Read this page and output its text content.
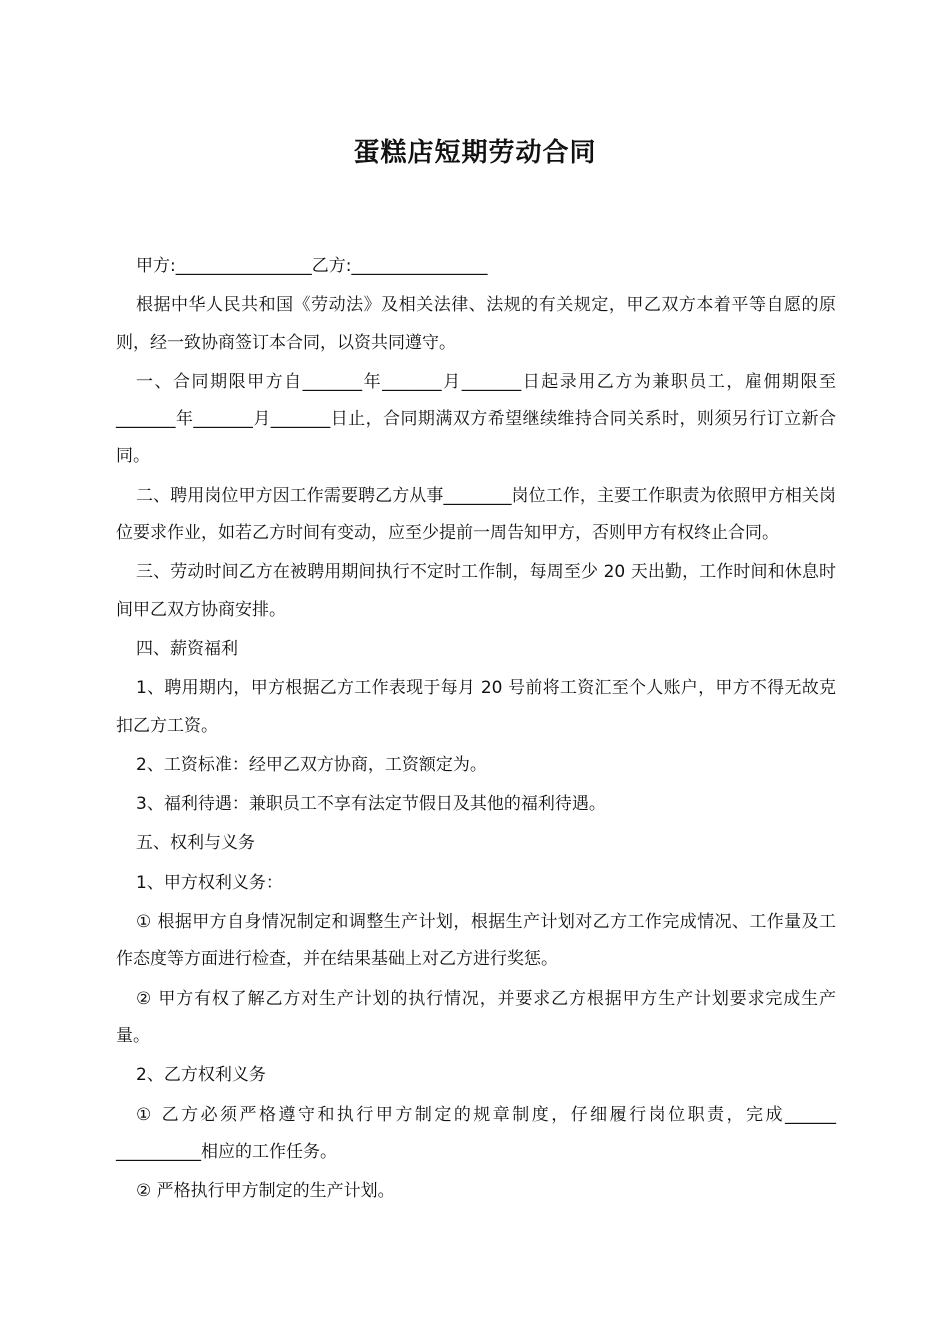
蛋糕店短期劳动合同

甲方:________________乙方:________________

根据中华人民共和国《劳动法》及相关法律、法规的有关规定，甲乙双方本着平等自愿的原则，经一致协商签订本合同，以资共同遵守。

一、合同期限甲方自_______年_______月_______日起录用乙方为兼职员工，雇佣期限至_______年_______月_______日止，合同期满双方希望继续维持合同关系时，则须另行订立新合同。

二、聘用岗位甲方因工作需要聘乙方从事________岗位工作，主要工作职责为依照甲方相关岗位要求作业，如若乙方时间有变动，应至少提前一周告知甲方，否则甲方有权终止合同。

三、劳动时间乙方在被聘用期间执行不定时工作制，每周至少 20 天出勤，工作时间和休息时间甲乙双方协商安排。

四、薪资福利

1、聘用期内，甲方根据乙方工作表现于每月 20 号前将工资汇至个人账户，甲方不得无故克扣乙方工资。

2、工资标准：经甲乙双方协商，工资额定为。

3、福利待遇：兼职员工不享有法定节假日及其他的福利待遇。

五、权利与义务

1、甲方权利义务：

① 根据甲方自身情况制定和调整生产计划，根据生产计划对乙方工作完成情况、工作量及工作态度等方面进行检查，并在结果基础上对乙方进行奖惩。

② 甲方有权了解乙方对生产计划的执行情况，并要求乙方根据甲方生产计划要求完成生产量。

2、乙方权利义务

① 乙方必须严格遵守和执行甲方制定的规章制度，仔细履行岗位职责，完成______ __________相应的工作任务。

② 严格执行甲方制定的生产计划。
